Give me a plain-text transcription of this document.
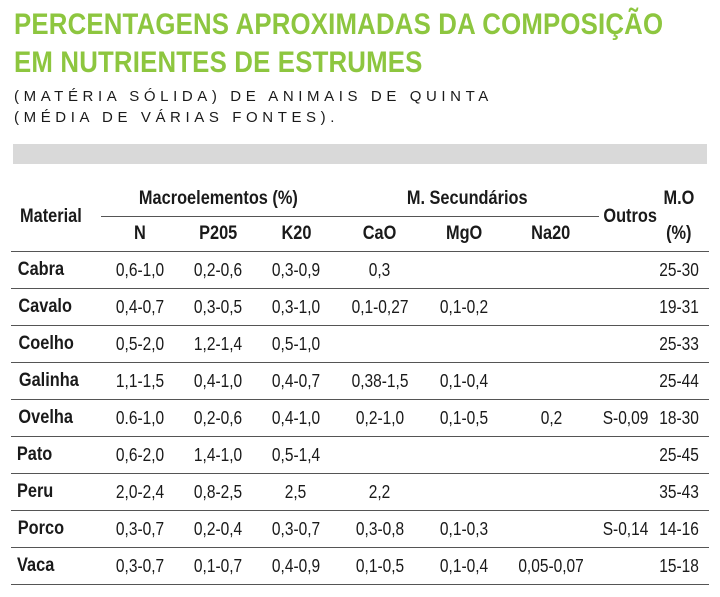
PERCENTAGENS APROXIMADAS DA COMPOSIÇÃO
EM NUTRIENTES DE ESTRUMES

(MATÉRIA SÓLIDA) DE ANIMAIS DE QUINTA
(MÉDIA DE VÁRIAS FONTES).

Material	Macroelementos (%)			M. Secundários			Outros	M.O
	N	P205	K20	CaO	MgO	Na20		(%)
Cabra	0,6-1,0	0,2-0,6	0,3-0,9	0,3				25-30
Cavalo	0,4-0,7	0,3-0,5	0,3-1,0	0,1-0,27	0,1-0,2			19-31
Coelho	0,5-2,0	1,2-1,4	0,5-1,0					25-33
Galinha	1,1-1,5	0,4-1,0	0,4-0,7	0,38-1,5	0,1-0,4			25-44
Ovelha	0.6-1,0	0,2-0,6	0,4-1,0	0,2-1,0	0,1-0,5	0,2	S-0,09	18-30
Pato	0,6-2,0	1,4-1,0	0,5-1,4					25-45
Peru	2,0-2,4	0,8-2,5	2,5	2,2				35-43
Porco	0,3-0,7	0,2-0,4	0,3-0,7	0,3-0,8	0,1-0,3		S-0,14	14-16
Vaca	0,3-0,7	0,1-0,7	0,4-0,9	0,1-0,5	0,1-0,4	0,05-0,07		15-18
